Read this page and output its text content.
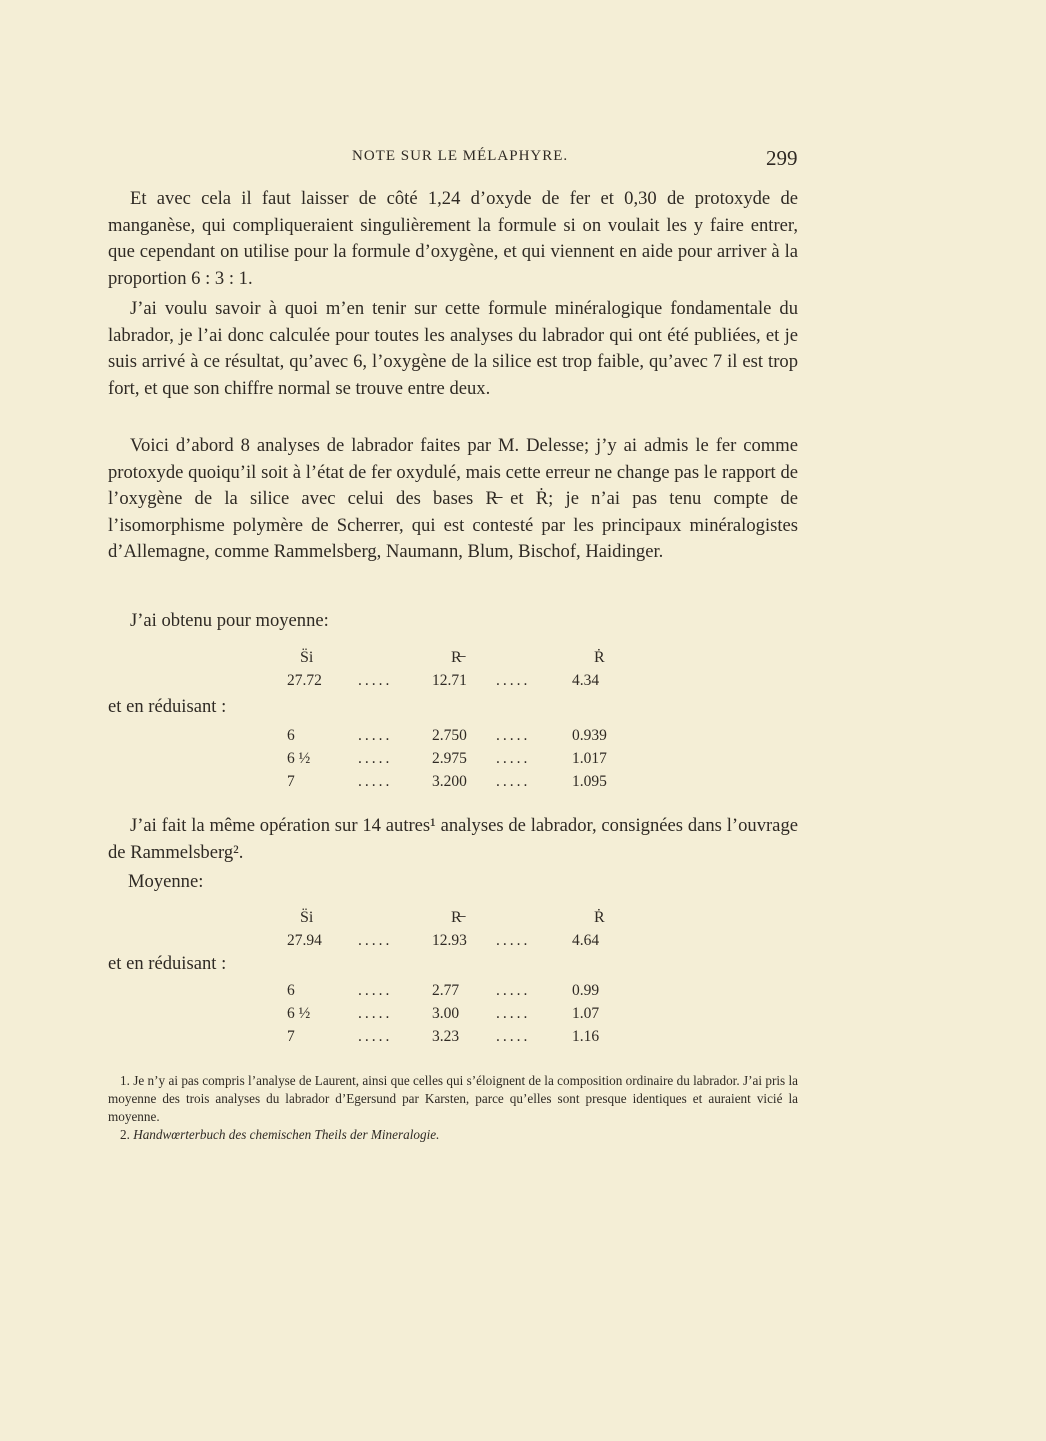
NOTE SUR LE MÉLAPHYRE.	299

Et avec cela il faut laisser de côté 1,24 d’oxyde de fer et 0,30 de protoxyde de manganèse, qui compliqueraient singulièrement la formule si on voulait les y faire entrer, que cependant on utilise pour la formule d’oxygène, et qui viennent en aide pour arriver à la proportion 6 : 3 : 1.

J’ai voulu savoir à quoi m’en tenir sur cette formule minéralogique fondamentale du labrador, je l’ai donc calculée pour toutes les analyses du labrador qui ont été publiées, et je suis arrivé à ce résultat, qu’avec 6, l’oxygène de la silice est trop faible, qu’avec 7 il est trop fort, et que son chiffre normal se trouve entre deux.

Voici d’abord 8 analyses de labrador faites par M. Delesse; j’y ai admis le fer comme protoxyde quoiqu’il soit à l’état de fer oxydulé, mais cette erreur ne change pas le rapport de l’oxygène de la silice avec celui des bases R̶ et Ṙ; je n’ai pas tenu compte de l’isomorphisme polymère de Scherrer, qui est contesté par les principaux minéralogistes d’Allemagne, comme Rammelsberg, Naumann, Blum, Bischof, Haidinger.

J’ai obtenu pour moyenne:
S̈i	R̶	Ṙ
27.72 .....	12.71 .....	4.34
et en réduisant :
6	.....	2.750 .....	0.939
6 ½	.....	2.975 .....	1.017
7	.....	3.200 .....	1.095

J’ai fait la même opération sur 14 autres¹ analyses de labrador, consignées dans l’ouvrage de Rammelsberg².

Moyenne:
S̈i	R̶	Ṙ
27.94 .....	12.93 .....	4.64
et en réduisant :
6	.....	2.77 .....	0.99
6 ½	.....	3.00 .....	1.07
7	.....	3.23 .....	1.16

1. Je n’y ai pas compris l’analyse de Laurent, ainsi que celles qui s’éloignent de la composition ordinaire du labrador. J’ai pris la moyenne des trois analyses du labrador d’Egersund par Karsten, parce qu’elles sont presque identiques et auraient vicié la moyenne.

2. Handwœrterbuch des chemischen Theils der Mineralogie.
